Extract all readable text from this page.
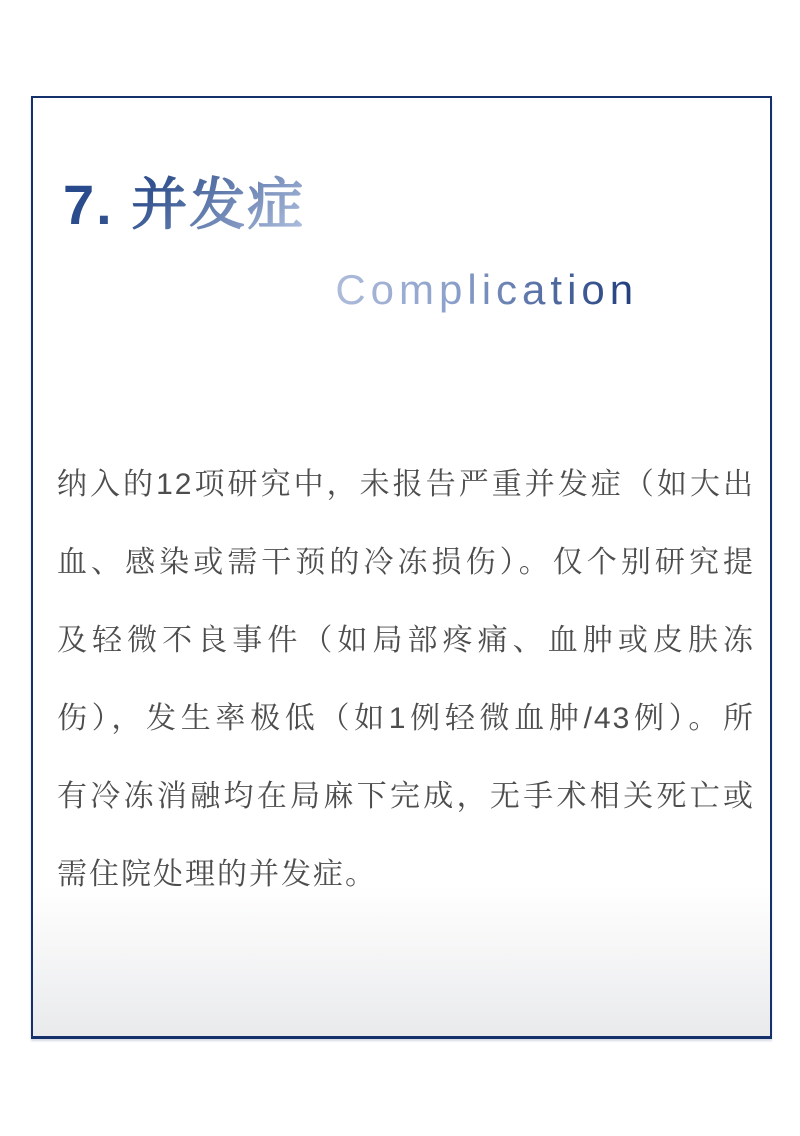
7. 并发症
/ Complication
纳入的12项研究中，未报告严重并发症（如大出
血、感染或需干预的冷冻损伤）。仅个别研究提
及轻微不良事件（如局部疼痛、血肿或皮肤冻
伤），发生率极低（如1例轻微血肿/43例）。所
有冷冻消融均在局麻下完成，无手术相关死亡或
需住院处理的并发症。
